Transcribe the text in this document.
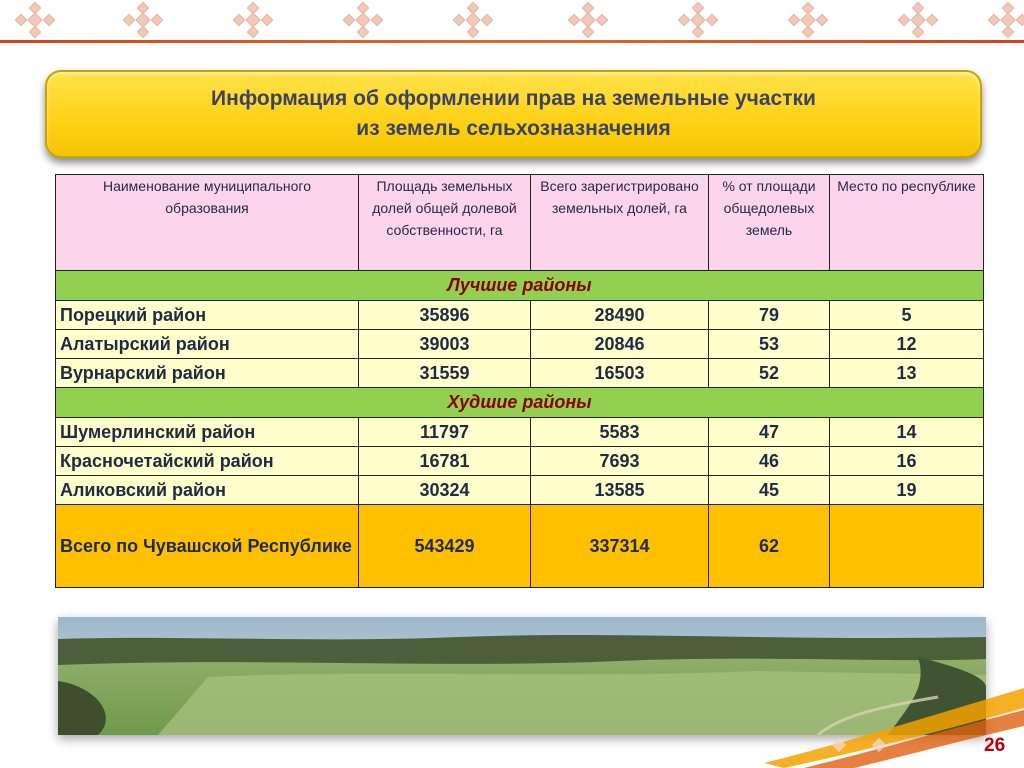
Информация об оформлении прав на земельные участки
из земель сельхозназначения
Наименование муниципального образования	Площадь земельных долей общей долевой собственности, га	Всего зарегистрировано земельных долей, га	% от площади общедолевых земель	Место по республике
Лучшие районы				
Порецкий район	35896	28490	79	5
Алатырский район	39003	20846	53	12
Вурнарский район	31559	16503	52	13
Худшие районы				
Шумерлинский район	11797	5583	47	14
Красночетайский район	16781	7693	46	16
Аликовский район	30324	13585	45	19
Всего по Чувашской Республике	543429	337314	62	
26
